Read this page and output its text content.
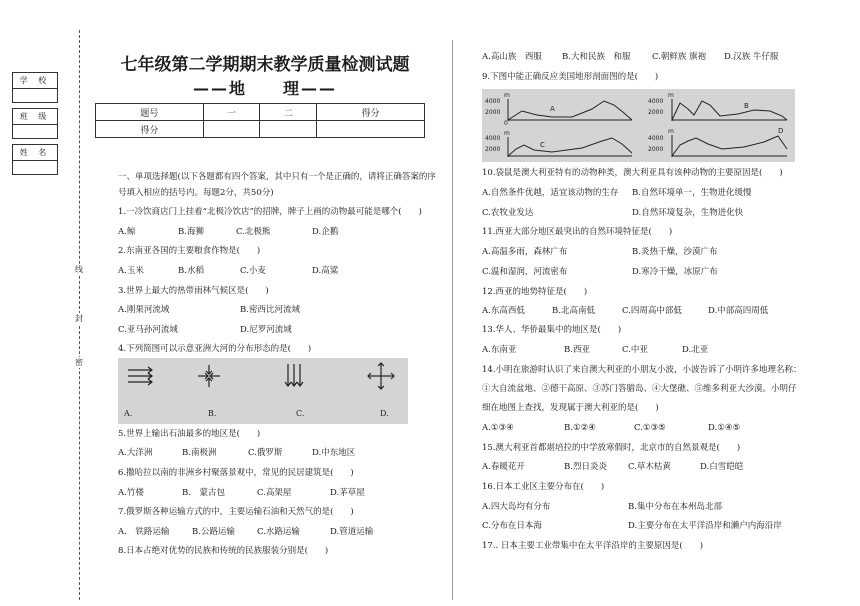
学 校
班 级
姓 名
线
封
密
七年级第二学期期末教学质量检测试题
——地　　理——
题号	一	二	得分
得分			
一、单项选择题(以下各题都有四个答案，其中只有一个是正确的，请将正确答案的序
号填入相应的括号内。每题2分，共50分)
1.一冷饮商店门上挂着“北极冷饮店”的招牌，牌子上画的动物最可能是哪个(　　)
A.鲸	B.海狮	C.北极熊	D.企鹅
2.东南亚各国的主要粮食作物是(　　)
A.玉米	B.水稻	C.小麦	D.高粱
3.世界上最大的热带雨林气候区是(　　)
A.刚果河流域	B.密西比河流域
C.亚马孙河流域	D.尼罗河流域
4.下列简图可以示意亚洲大河的分布形态的是(　　)
A.	B.	C.	D.
5.世界上输出石油最多的地区是(　　)
A.大洋洲	B.南极洲	C.俄罗斯	D.中东地区
6.撒哈拉以南的非洲乡村聚落景观中，常见的民居建筑是(　　)
A.竹楼	B.　蒙古包	C.高架屋	D.茅草屋
7.俄罗斯各种运输方式的中，主要运输石油和天然气的是(　　)
A.　铁路运输	B.公路运输	C.水路运输	D.管道运输
8.日本占绝对优势的民族和传统的民族服装分别是(　　)
A.高山族　西服 B.大和民族　和服	C.朝鲜族 旗袍 D.汉族 牛仔服
9.下图中能正确反应美国地形剖面图的是(　　)
m
4000
2000
0
m
4000
2000
m
4000
2000
m
4000
2000
A	B
C
D
10.袋鼠是澳大利亚特有的动物种类，澳大利亚具有该种动物的主要原因是(　　)
A.自然条件优越，适宜该动物的生存 B.自然环境单一，生物进化缓慢
C.农牧业发达	D.自然环境复杂，生物进化快
11.西亚大部分地区最突出的自然环境特征是(　　)
A.高温多雨，森林广布	B.炎热干燥，沙漠广布
C.温和湿润，河流密布	D.寒冷干燥，冰原广布
12.西亚的地势特征是(　　)
A.东高西低	B.北高南低	C.四周高中部低	D.中部高四周低
13.华人、华侨最集中的地区是(　　)
A.东南亚	B.西亚	C.中亚	D.北亚
14.小明在旅游时认识了来自澳大利亚的小朋友小波，小波告诉了小明许多地理名称：
①大自流盆地、②德干高原、③苏门答腊岛、④大堡礁、⑤维多利亚大沙漠。小明仔
细在地图上查找，发现属于澳大利亚的是(　　)
A.①③④	B.①②④	C.①③⑤	D.①④⑤
15.澳大利亚首都堪培拉的中学放寒假时，北京市的自然景观是(　　)
A.春暖花开	B.烈日炎炎 C.草木枯黄	D.白雪皑皑
16.日本工业区主要分布在(　　)
A.四大岛均有分布	B.集中分布在本州岛北部
C.分布在日本海	D.主要分布在太平洋沿岸和濑户内海沿岸
17.. 日本主要工业带集中在太平洋沿岸的主要原因是(　　)
